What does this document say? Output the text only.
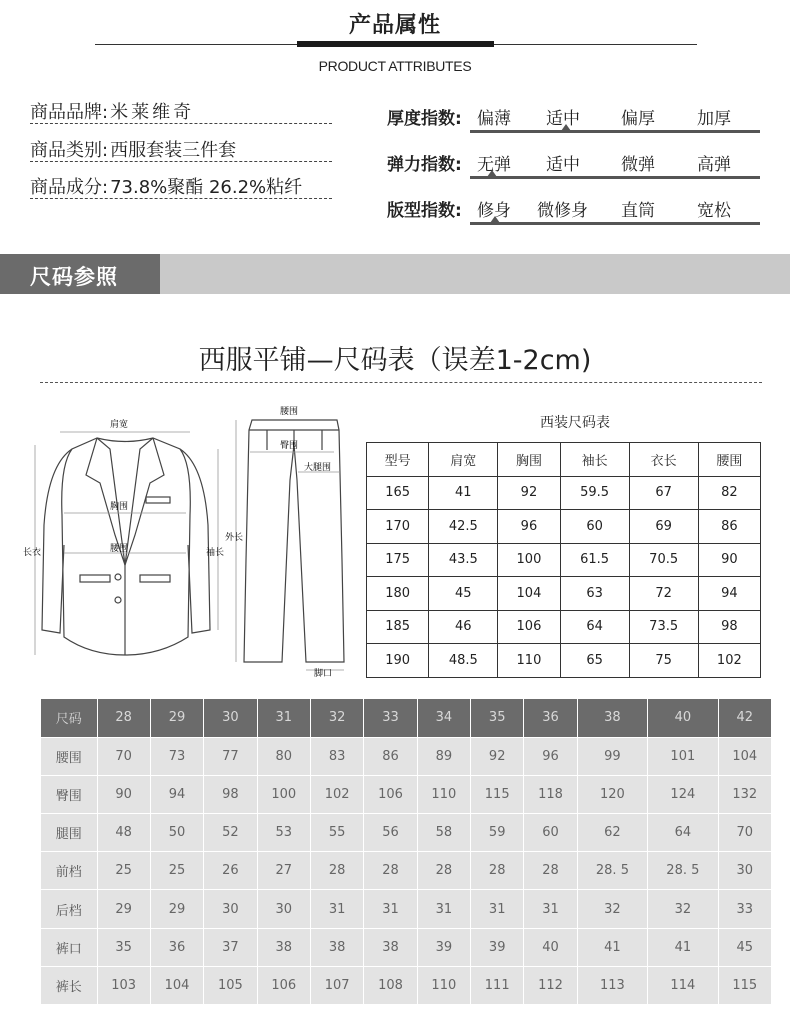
产品属性
PRODUCT ATTRIBUTES
商品品牌: 米莱维奇
商品类别: 西服套装三件套
商品成分: 73.8%聚酯 26.2%粘纤
厚度指数: 偏薄 适中 偏厚 加厚
弹力指数: 无弹 适中 微弹 高弹
版型指数: 修身 微修身 直筒 宽松
尺码参照
西服平铺—尺码表（误差1-2cm)
肩宽
胸围
腰围
长衣	袖长
腰围
臀围
大腿围
外长
脚口
西装尺码表
型号	肩宽	胸围	袖长	衣长	腰围
165	41	92	59.5	67	82
170	42.5	96	60	69	86
175	43.5	100	61.5	70.5	90
180	45	104	63	72	94
185	46	106	64	73.5	98
190	48.5	110	65	75	102
尺码	28	29	30	31	32	33	34	35	36	38	40	42
腰围	70	73	77	80	83	86	89	92	96	99	101	104
臀围	90	94	98	100	102	106	110	115	118	120	124	132
腿围	48	50	52	53	55	56	58	59	60	62	64	70
前档	25	25	26	27	28	28	28	28	28	28. 5	28. 5	30
后档	29	29	30	30	31	31	31	31	31	32	32	33
裤口	35	36	37	38	38	38	39	39	40	41	41	45
裤长	103	104	105	106	107	108	110	111	112	113	114	115
